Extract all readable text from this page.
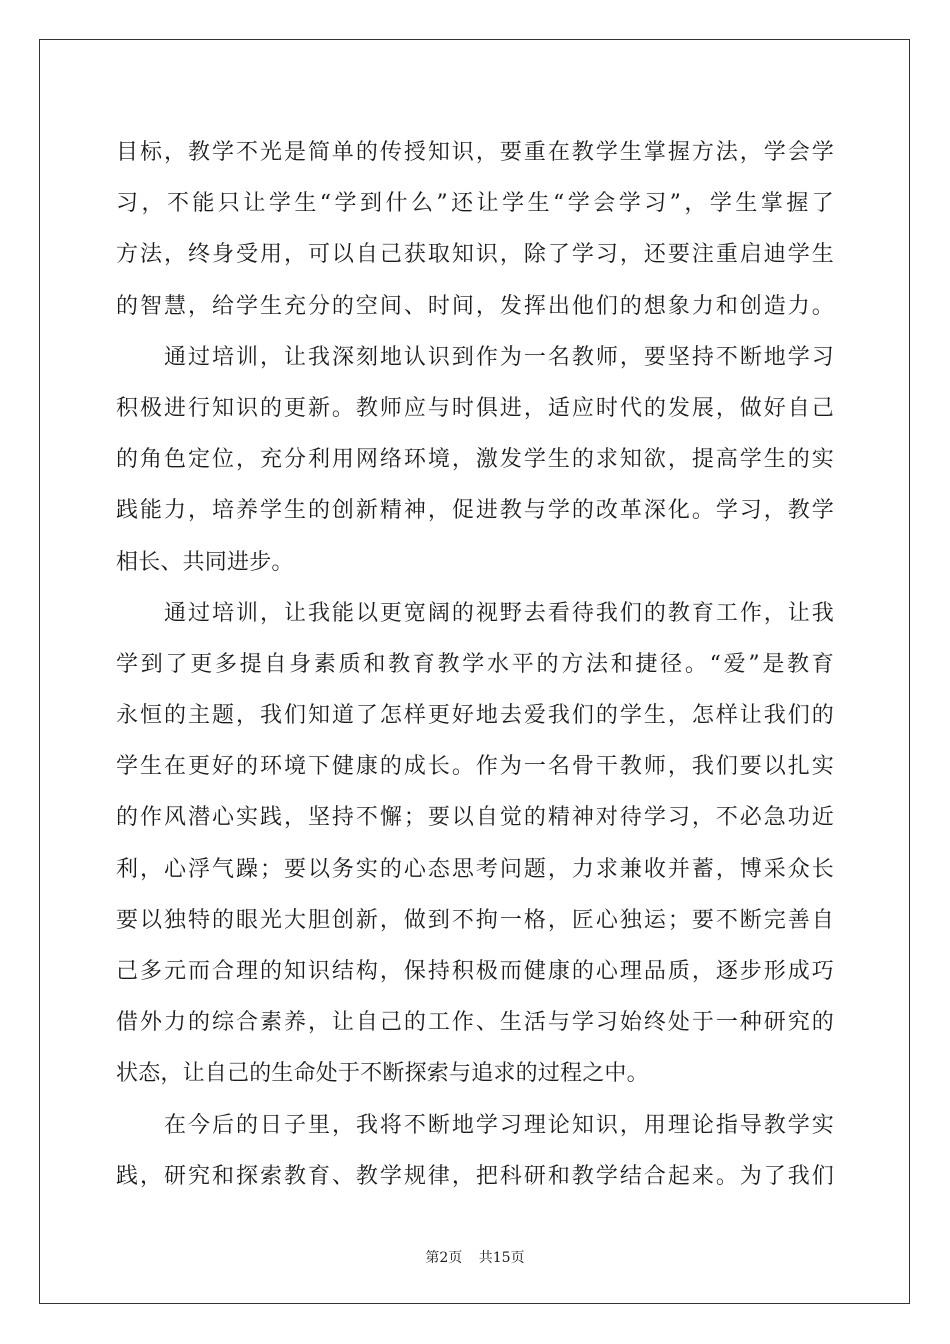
目标，教学不光是简单的传授知识，要重在教学生掌握方法，学会学
习，不能只让学生“学到什么”还让学生“学会学习”，学生掌握了
方法，终身受用，可以自己获取知识，除了学习，还要注重启迪学生
的智慧，给学生充分的空间、时间，发挥出他们的想象力和创造力。
通过培训，让我深刻地认识到作为一名教师，要坚持不断地学习
积极进行知识的更新。教师应与时俱进，适应时代的发展，做好自己
的角色定位，充分利用网络环境，激发学生的求知欲，提高学生的实
践能力，培养学生的创新精神，促进教与学的改革深化。学习，教学
相长、共同进步。
通过培训，让我能以更宽阔的视野去看待我们的教育工作，让我
学到了更多提自身素质和教育教学水平的方法和捷径。“爱”是教育
永恒的主题，我们知道了怎样更好地去爱我们的学生，怎样让我们的
学生在更好的环境下健康的成长。作为一名骨干教师，我们要以扎实
的作风潜心实践，坚持不懈；要以自觉的精神对待学习，不必急功近
利，心浮气躁；要以务实的心态思考问题，力求兼收并蓄，博采众长
要以独特的眼光大胆创新，做到不拘一格，匠心独运；要不断完善自
己多元而合理的知识结构，保持积极而健康的心理品质，逐步形成巧
借外力的综合素养，让自己的工作、生活与学习始终处于一种研究的
状态，让自己的生命处于不断探索与追求的过程之中。
在今后的日子里，我将不断地学习理论知识，用理论指导教学实
践，研究和探索教育、教学规律，把科研和教学结合起来。为了我们
第2页 共15页
